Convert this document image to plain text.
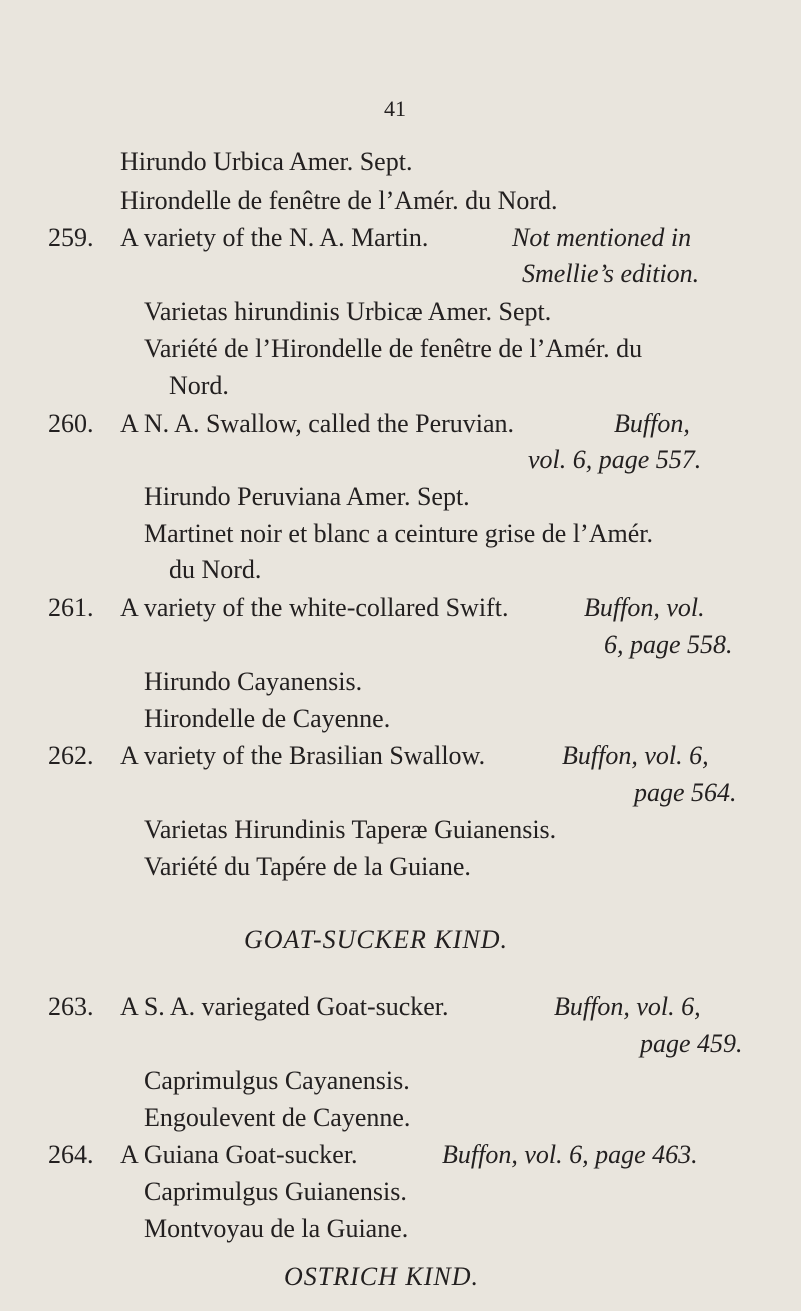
41
Hirundo Urbica Amer. Sept.
Hirondelle de fenêtre de l’Amér. du Nord.
259. A variety of the N. A. Martin.	Not mentioned in
Smellie’s edition.
Varietas hirundinis Urbicæ Amer. Sept.
Variété de l’Hirondelle de fenêtre de l’Amér. du
Nord.
260. A N. A. Swallow, called the Peruvian.	Buffon,
vol. 6, page 557.
Hirundo Peruviana Amer. Sept.
Martinet noir et blanc a ceinture grise de l’Amér.
du Nord.
261. A variety of the white-collared Swift.	Buffon, vol.
6, page 558.
Hirundo Cayanensis.
Hirondelle de Cayenne.
262. A variety of the Brasilian Swallow.	Buffon, vol. 6,
page 564.
Varietas Hirundinis Taperæ Guianensis.
Variété du Tapére de la Guiane.
GOAT-SUCKER KIND.
263. A S. A. variegated Goat-sucker.	Buffon, vol. 6,
page 459.
Caprimulgus Cayanensis.
Engoulevent de Cayenne.
264. A Guiana Goat-sucker.	Buffon, vol. 6, page 463.
Caprimulgus Guianensis.
Montvoyau de la Guiane.
OSTRICH KIND.
